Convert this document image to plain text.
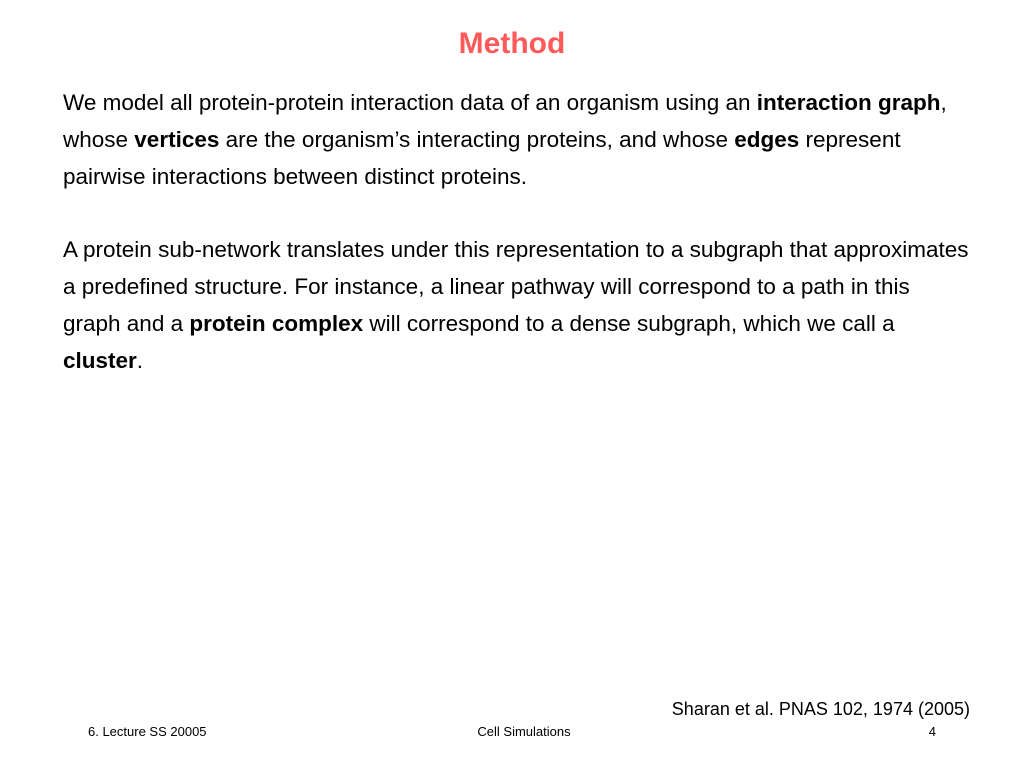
Method

We model all protein-protein interaction data of an organism using an interaction graph, whose vertices are the organism’s interacting proteins, and whose edges represent pairwise interactions between distinct proteins.

A protein sub-network translates under this representation to a subgraph that approximates a predefined structure. For instance, a linear pathway will correspond to a path in this graph and a protein complex will correspond to a dense subgraph, which we call a cluster.

Sharan et al. PNAS 102, 1974 (2005)
6. Lecture SS 20005	Cell Simulations	4
